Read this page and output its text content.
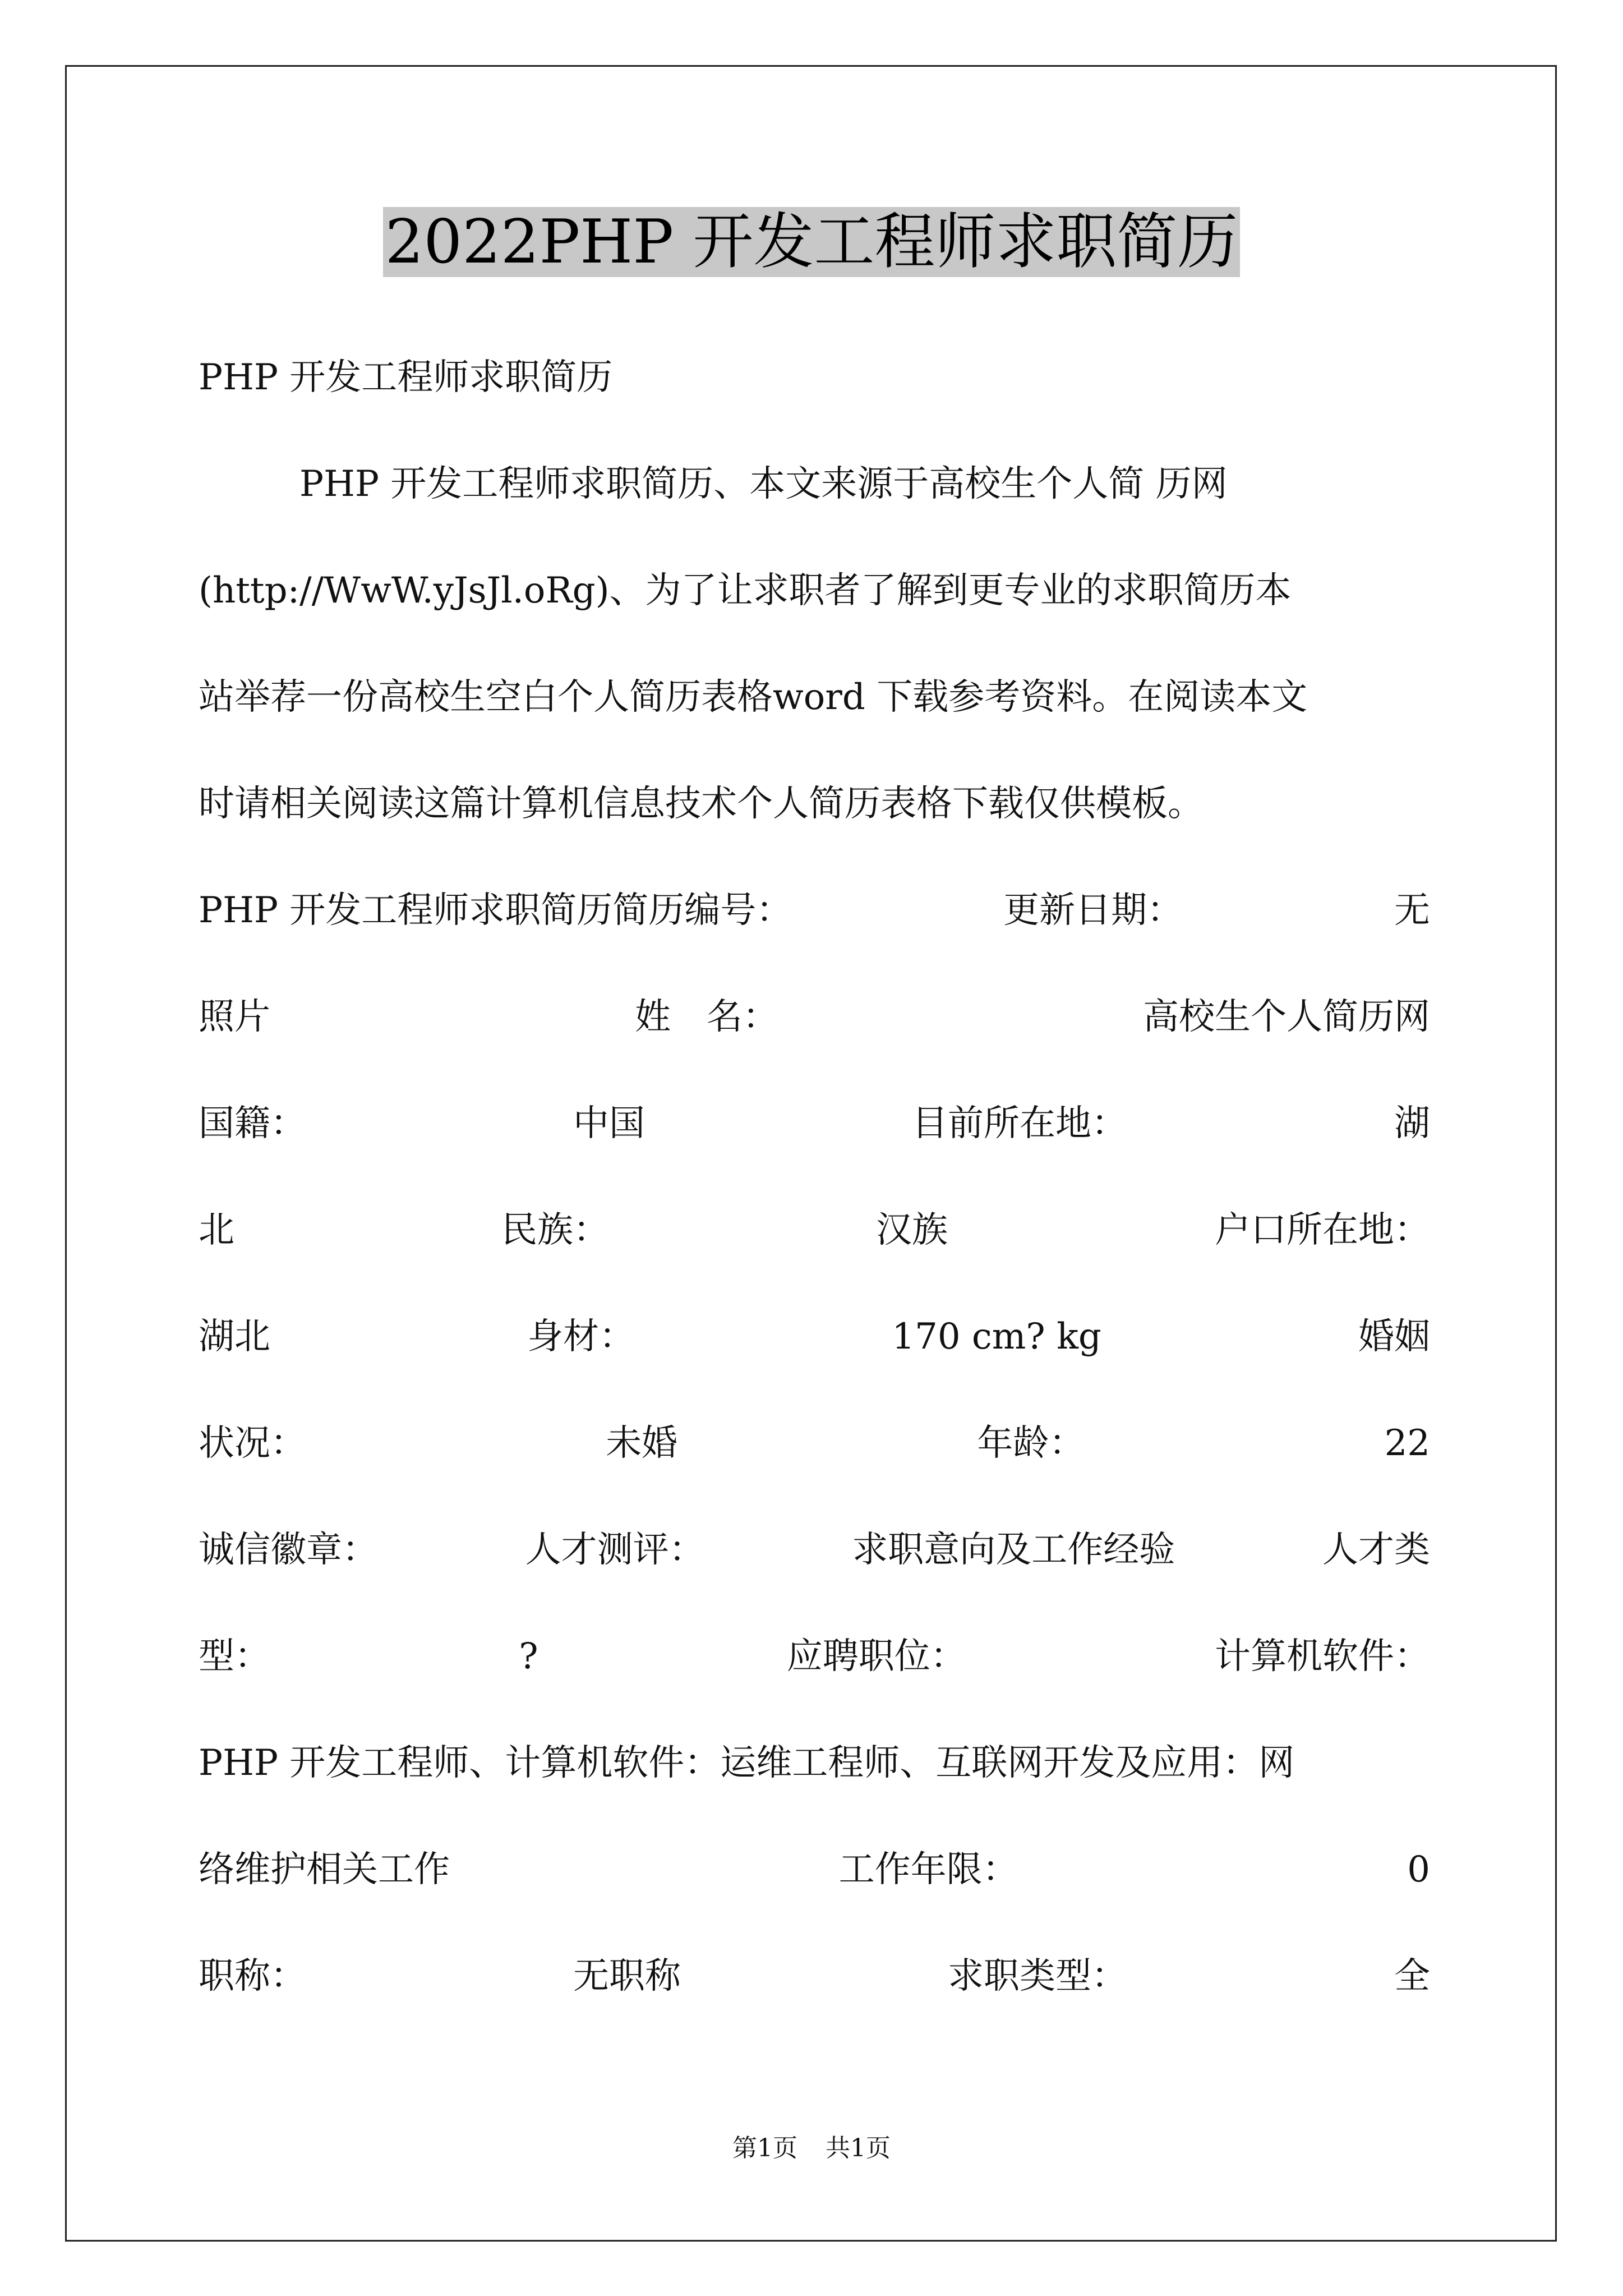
2022PHP 开发工程师求职简历
PHP 开发工程师求职简历
PHP 开发工程师求职简历、本文来源于高校生个人简 历网
(http://WwW.yJsJl.oRg)、为了让求职者了解到更专业的求职简历本
站举荐一份高校生空白个人简历表格word 下载参考资料。在阅读本文
时请相关阅读这篇计算机信息技术个人简历表格下载仅供模板。
PHP 开发工程师求职简历简历编号：	更新日期：	无
照片	姓　名：	高校生个人简历网
国籍：	中国	目前所在地：	湖
北	民族：	汉族	户口所在地：
湖北	身材：	170 cm? kg	婚姻
状况：	未婚	年龄：	22
诚信徽章：	人才测评：	求职意向及工作经验	人才类
型：	?	应聘职位：	计算机软件：
PHP 开发工程师、计算机软件：运维工程师、互联网开发及应用：网
络维护相关工作	工作年限：	0
职称：	无职称	求职类型：	全
第1页 共1页
